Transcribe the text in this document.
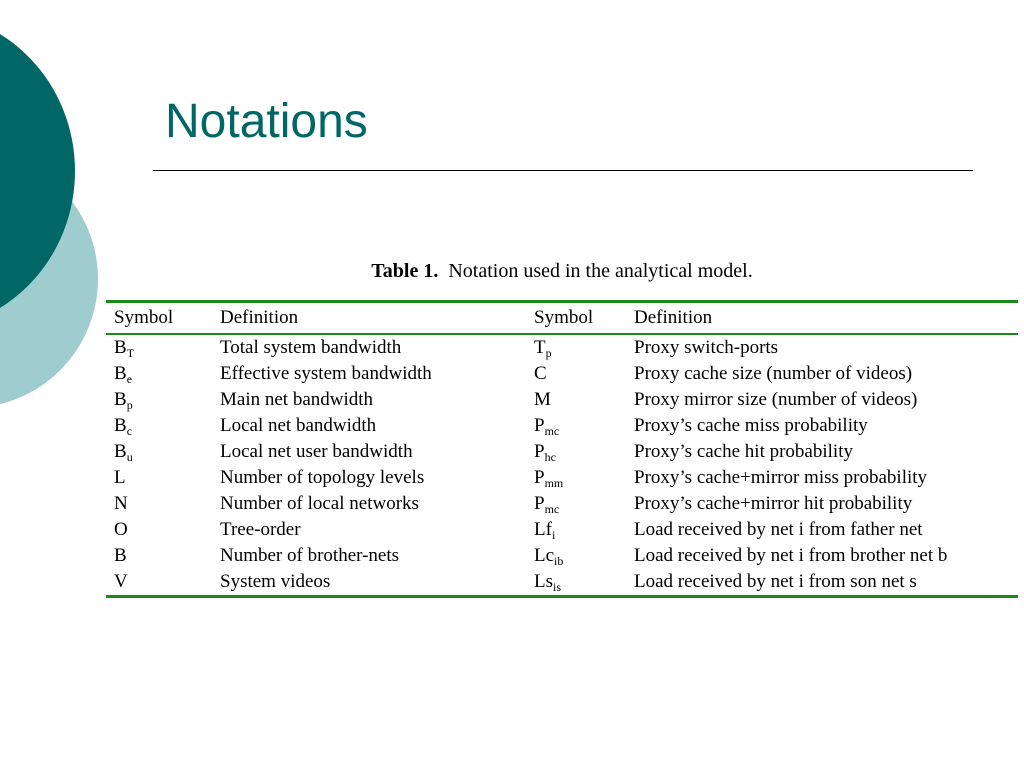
Notations
Table 1. Notation used in the analytical model.
Symbol	Definition	Symbol	Definition
$B_T$	Total system bandwidth	$T_p$	Proxy switch-ports
$B_e$	Effective system bandwidth	C	Proxy cache size (number of videos)
$B_p$	Main net bandwidth	M	Proxy mirror size (number of videos)
$B_c$	Local net bandwidth	$P_{mc}$	Proxy’s cache miss probability
$B_u$	Local net user bandwidth	$P_{hc}$	Proxy’s cache hit probability
L	Number of topology levels	$P_{mm}$	Proxy’s cache+mirror miss probability
N	Number of local networks	$P_{mc}$	Proxy’s cache+mirror hit probability
O	Tree-order	$Lf_i$	Load received by net i from father net
B	Number of brother-nets	$Lc_{ib}$	Load received by net i from brother net b
V	System videos	$Ls_{is}$	Load received by net i from son net s
